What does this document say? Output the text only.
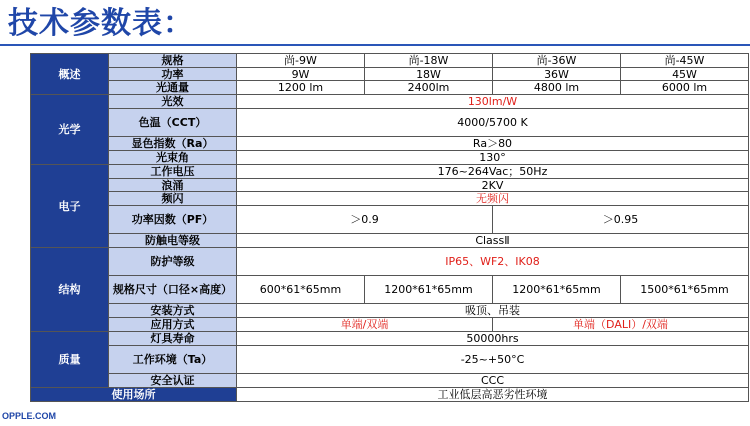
技术参数表：
概述	规格	尚-9W	尚-18W	尚-36W	尚-45W
	功率	9W	18W	36W	45W
	光通量	1200 lm	2400lm	4800 lm	6000 lm
光学	光效	130lm/W			
	色温（CCT）	4000/5700 K			
	显色指数（Ra）	Ra＞80			
	光束角	130°			
电子	工作电压	176~264Vac；50Hz			
	浪涌	2KV			
	频闪	无频闪			
	功率因数（PF）	＞0.9		＞0.95	
	防触电等级	ClassⅡ			
结构	防护等级	IP65、WF2、IK08			
	规格尺寸（口径×高度）	600*61*65mm	1200*61*65mm	1200*61*65mm	1500*61*65mm
	安装方式	吸顶、吊装			
	应用方式	单端/双端		单端（DALI）/双端	
质量	灯具寿命	50000hrs			
	工作环境（Ta）	-25~+50°C			
	安全认证	CCC			
使用场所		工业低层高恶劣性环境			
OPPLE.COM
